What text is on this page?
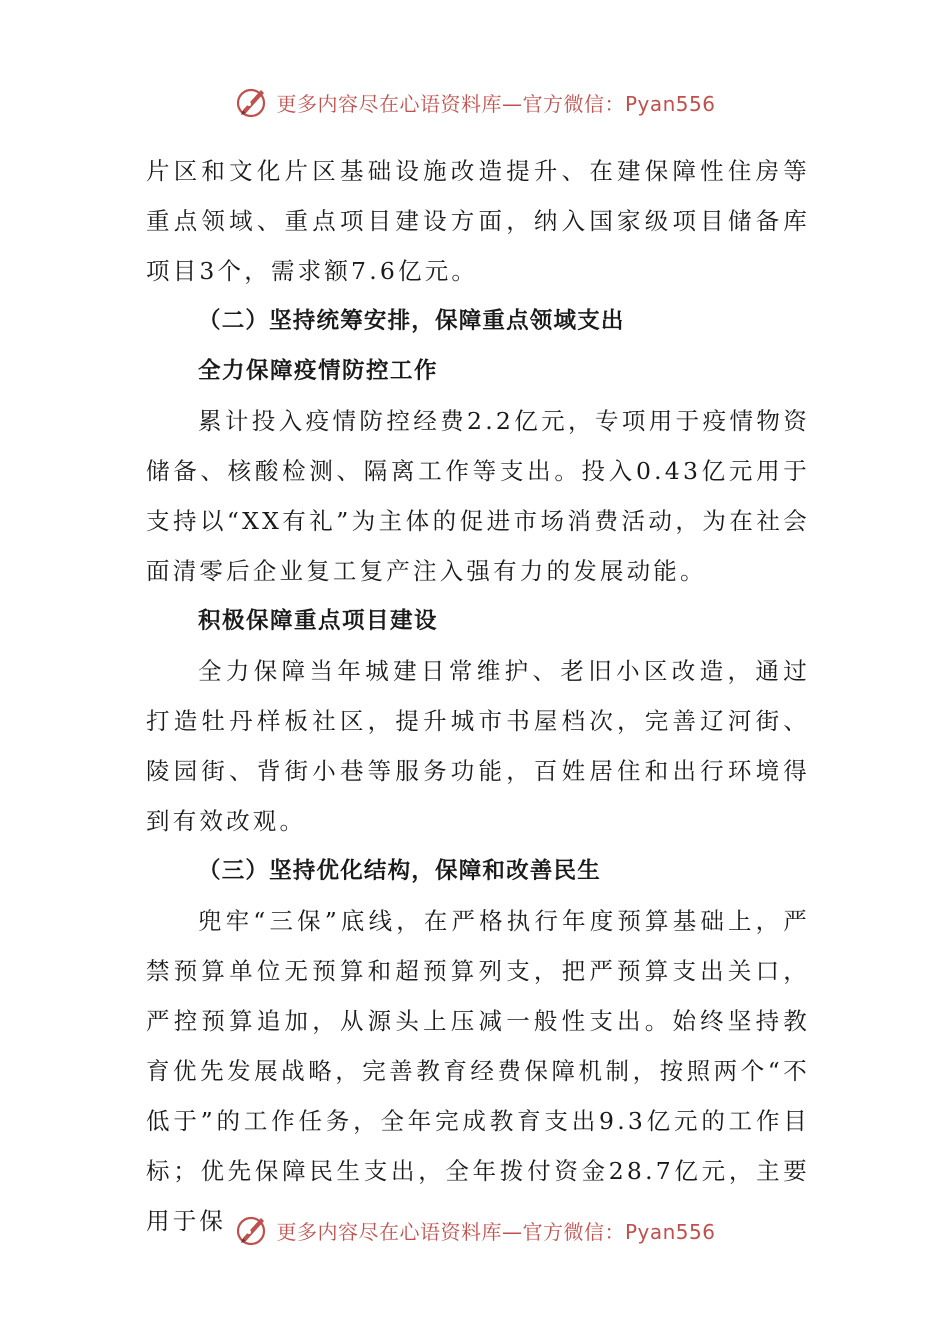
更多内容尽在心语资料库—官方微信：Pyan556

片区和文化片区基础设施改造提升、在建保障性住房等重点领域、重点项目建设方面，纳入国家级项目储备库项目3个，需求额7.6亿元。

（二）坚持统筹安排，保障重点领域支出

全力保障疫情防控工作

累计投入疫情防控经费2.2亿元，专项用于疫情物资储备、核酸检测、隔离工作等支出。投入0.43亿元用于支持以“XX有礼”为主体的促进市场消费活动，为在社会面清零后企业复工复产注入强有力的发展动能。

积极保障重点项目建设

全力保障当年城建日常维护、老旧小区改造，通过打造牡丹样板社区，提升城市书屋档次，完善辽河街、陵园街、背街小巷等服务功能，百姓居住和出行环境得到有效改观。

（三）坚持优化结构，保障和改善民生

兜牢“三保”底线，在严格执行年度预算基础上，严禁预算单位无预算和超预算列支，把严预算支出关口，严控预算追加，从源头上压减一般性支出。始终坚持教育优先发展战略，完善教育经费保障机制，按照两个“不低于”的工作任务，全年完成教育支出9.3亿元的工作目标；优先保障民生支出，全年拨付资金28.7亿元，主要用于保	更多内容尽在心语资料库—官方微信：Pyan556
